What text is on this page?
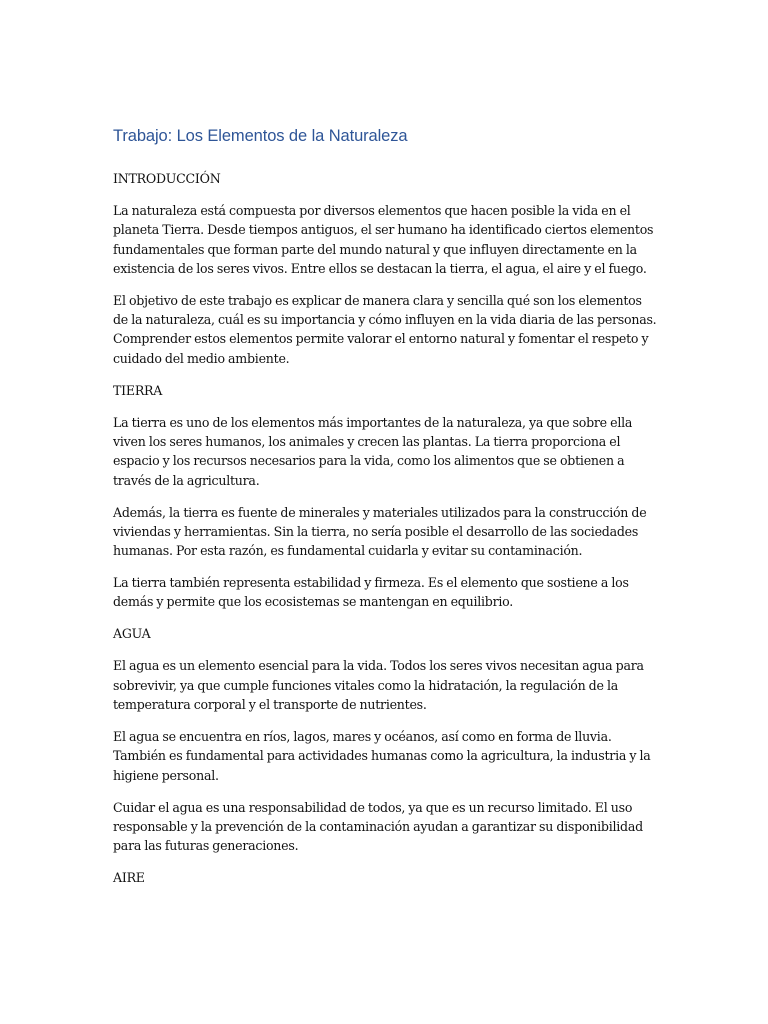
Trabajo: Los Elementos de la Naturaleza

INTRODUCCIÓN

La naturaleza está compuesta por diversos elementos que hacen posible la vida en el planeta Tierra. Desde tiempos antiguos, el ser humano ha identificado ciertos elementos fundamentales que forman parte del mundo natural y que influyen directamente en la existencia de los seres vivos. Entre ellos se destacan la tierra, el agua, el aire y el fuego.

El objetivo de este trabajo es explicar de manera clara y sencilla qué son los elementos de la naturaleza, cuál es su importancia y cómo influyen en la vida diaria de las personas. Comprender estos elementos permite valorar el entorno natural y fomentar el respeto y cuidado del medio ambiente.

TIERRA

La tierra es uno de los elementos más importantes de la naturaleza, ya que sobre ella viven los seres humanos, los animales y crecen las plantas. La tierra proporciona el espacio y los recursos necesarios para la vida, como los alimentos que se obtienen a través de la agricultura.

Además, la tierra es fuente de minerales y materiales utilizados para la construcción de viviendas y herramientas. Sin la tierra, no sería posible el desarrollo de las sociedades humanas. Por esta razón, es fundamental cuidarla y evitar su contaminación.

La tierra también representa estabilidad y firmeza. Es el elemento que sostiene a los demás y permite que los ecosistemas se mantengan en equilibrio.

AGUA

El agua es un elemento esencial para la vida. Todos los seres vivos necesitan agua para sobrevivir, ya que cumple funciones vitales como la hidratación, la regulación de la temperatura corporal y el transporte de nutrientes.

El agua se encuentra en ríos, lagos, mares y océanos, así como en forma de lluvia. También es fundamental para actividades humanas como la agricultura, la industria y la higiene personal.

Cuidar el agua es una responsabilidad de todos, ya que es un recurso limitado. El uso responsable y la prevención de la contaminación ayudan a garantizar su disponibilidad para las futuras generaciones.

AIRE
